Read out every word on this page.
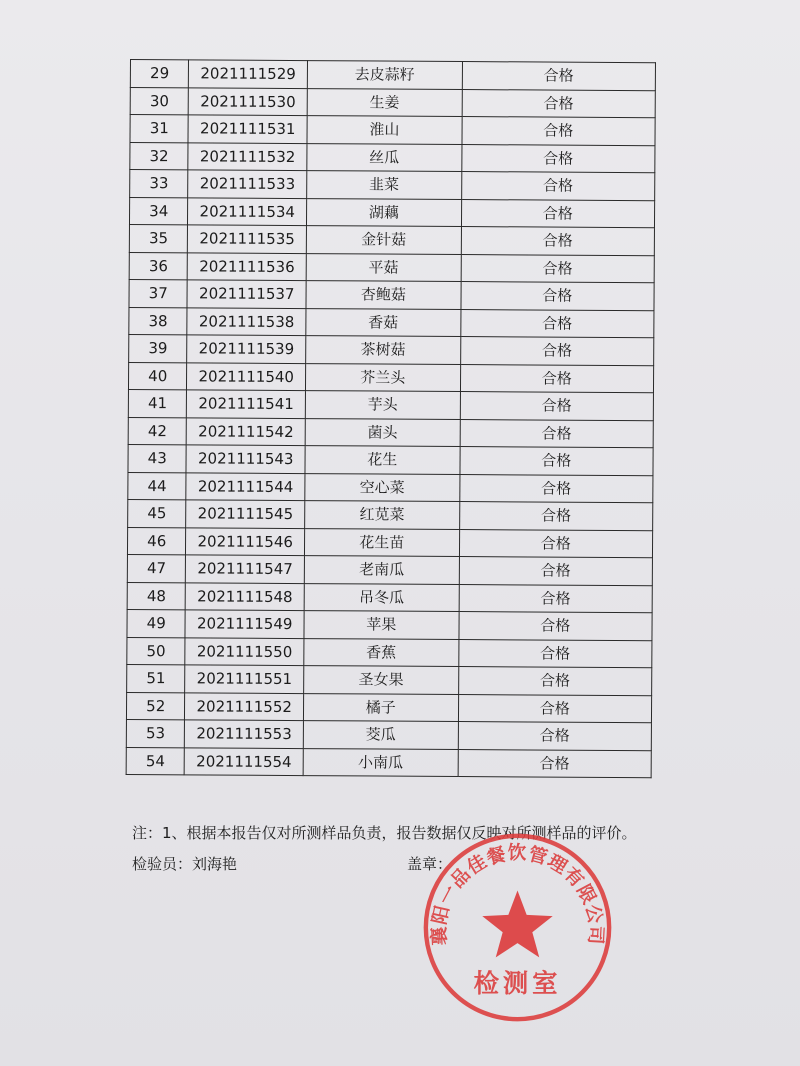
29	2021111529	去皮蒜籽	合格
30	2021111530	生姜	合格
31	2021111531	淮山	合格
32	2021111532	丝瓜	合格
33	2021111533	韭菜	合格
34	2021111534	湖藕	合格
35	2021111535	金针菇	合格
36	2021111536	平菇	合格
37	2021111537	杏鲍菇	合格
38	2021111538	香菇	合格
39	2021111539	茶树菇	合格
40	2021111540	芥兰头	合格
41	2021111541	芋头	合格
42	2021111542	菌头	合格
43	2021111543	花生	合格
44	2021111544	空心菜	合格
45	2021111545	红苋菜	合格
46	2021111546	花生苗	合格
47	2021111547	老南瓜	合格
48	2021111548	吊冬瓜	合格
49	2021111549	苹果	合格
50	2021111550	香蕉	合格
51	2021111551	圣女果	合格
52	2021111552	橘子	合格
53	2021111553	茭瓜	合格
54	2021111554	小南瓜	合格
注：1、根据本报告仅对所测样品负责，报告数据仅反映对所测样品的评价。
检验员：刘海艳	盖章：
襄阳一品佳餐饮管理有限公司
检测室
